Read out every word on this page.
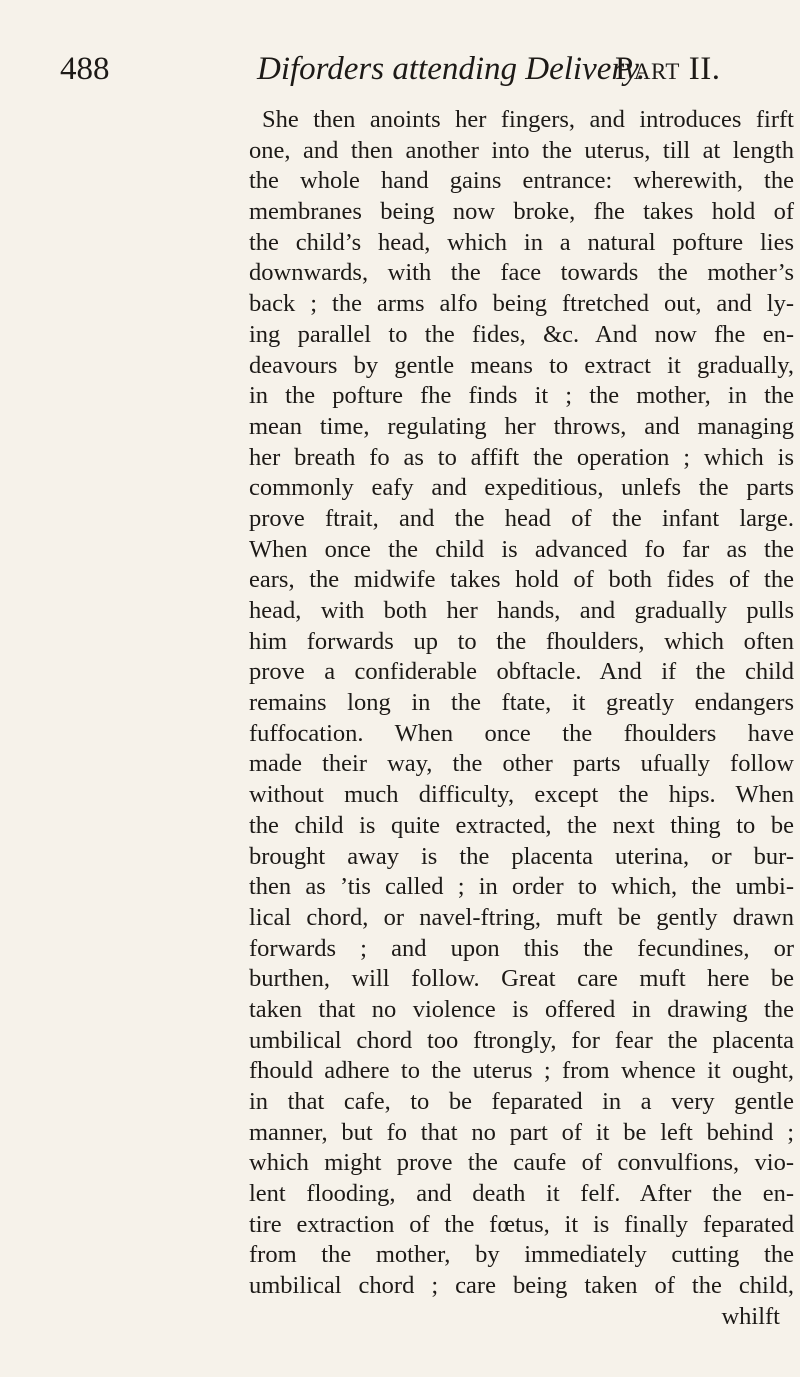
488	Diforders attending Delivery.
Part II.
She then anoints her fingers, and introduces firft
one, and then another into the uterus, till at length
the whole hand gains entrance: wherewith, the
membranes being now broke, fhe takes hold of
the child’s head, which in a natural pofture lies
downwards, with the face towards the mother’s
back ; the arms alfo being ftretched out, and ly-
ing parallel to the fides, &c. And now fhe en-
deavours by gentle means to extract it gradually,
in the pofture fhe finds it ; the mother, in the
mean time, regulating her throws, and managing
her breath fo as to affift the operation ; which is
commonly eafy and expeditious, unlefs the parts
prove ftrait, and the head of the infant large.
When once the child is advanced fo far as the
ears, the midwife takes hold of both fides of the
head, with both her hands, and gradually pulls
him forwards up to the fhoulders, which often
prove a confiderable obftacle. And if the child
remains long in the ftate, it greatly endangers
fuffocation. When once the fhoulders have
made their way, the other parts ufually follow
without much difficulty, except the hips. When
the child is quite extracted, the next thing to be
brought away is the placenta uterina, or bur-
then as ’tis called ; in order to which, the umbi-
lical chord, or navel-ftring, muft be gently drawn
forwards ; and upon this the fecundines, or
burthen, will follow. Great care muft here be
taken that no violence is offered in drawing the
umbilical chord too ftrongly, for fear the placenta
fhould adhere to the uterus ; from whence it ought,
in that cafe, to be feparated in a very gentle
manner, but fo that no part of it be left behind ;
which might prove the caufe of convulfions, vio-
lent flooding, and death it felf. After the en-
tire extraction of the fœtus, it is finally feparated
from the mother, by immediately cutting the
umbilical chord ; care being taken of the child,
whilft
